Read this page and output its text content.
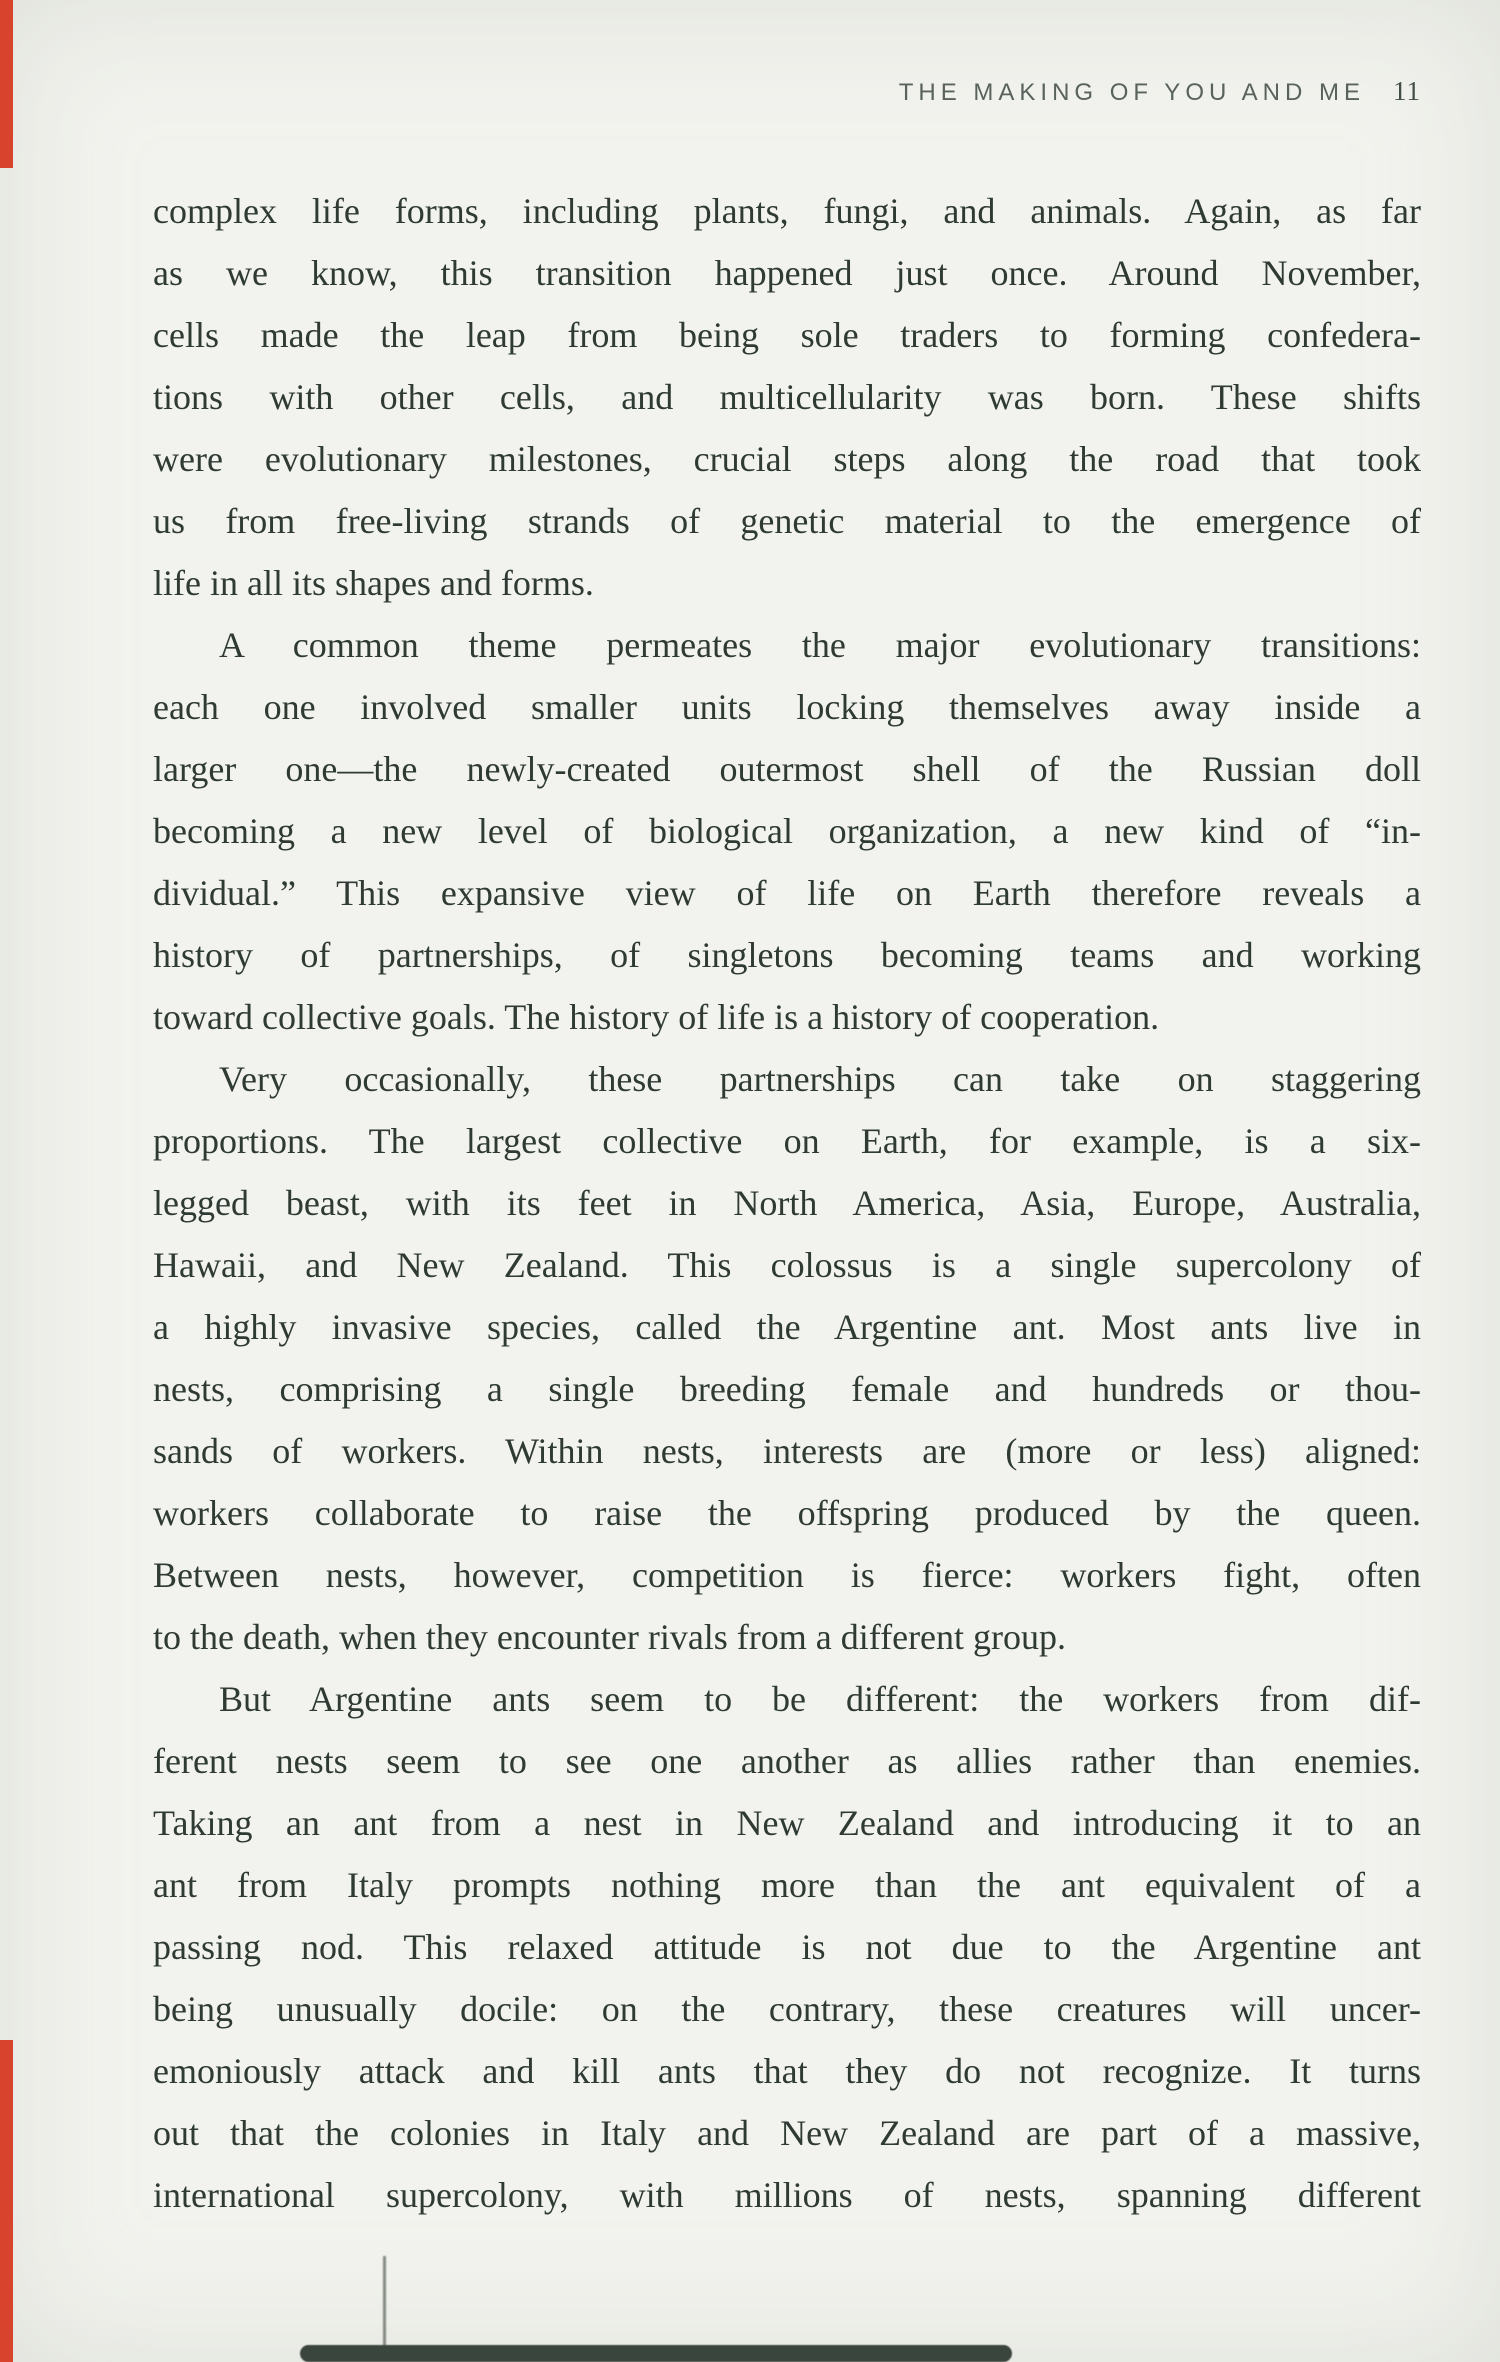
THE MAKING OF YOU AND ME 11
complex life forms, including plants, fungi, and animals. Again, as far
as we know, this transition happened just once. Around November,
cells made the leap from being sole traders to forming confedera-
tions with other cells, and multicellularity was born. These shifts
were evolutionary milestones, crucial steps along the road that took
us from free-living strands of genetic material to the emergence of
life in all its shapes and forms.
A common theme permeates the major evolutionary transitions:
each one involved smaller units locking themselves away inside a
larger one—the newly-created outermost shell of the Russian doll
becoming a new level of biological organization, a new kind of “in-
dividual.” This expansive view of life on Earth therefore reveals a
history of partnerships, of singletons becoming teams and working
toward collective goals. The history of life is a history of cooperation.
Very occasionally, these partnerships can take on staggering
proportions. The largest collective on Earth, for example, is a six-
legged beast, with its feet in North America, Asia, Europe, Australia,
Hawaii, and New Zealand. This colossus is a single supercolony of
a highly invasive species, called the Argentine ant. Most ants live in
nests, comprising a single breeding female and hundreds or thou-
sands of workers. Within nests, interests are (more or less) aligned:
workers collaborate to raise the offspring produced by the queen.
Between nests, however, competition is fierce: workers fight, often
to the death, when they encounter rivals from a different group.
But Argentine ants seem to be different: the workers from dif-
ferent nests seem to see one another as allies rather than enemies.
Taking an ant from a nest in New Zealand and introducing it to an
ant from Italy prompts nothing more than the ant equivalent of a
passing nod. This relaxed attitude is not due to the Argentine ant
being unusually docile: on the contrary, these creatures will uncer-
emoniously attack and kill ants that they do not recognize. It turns
out that the colonies in Italy and New Zealand are part of a massive,
international supercolony, with millions of nests, spanning different
